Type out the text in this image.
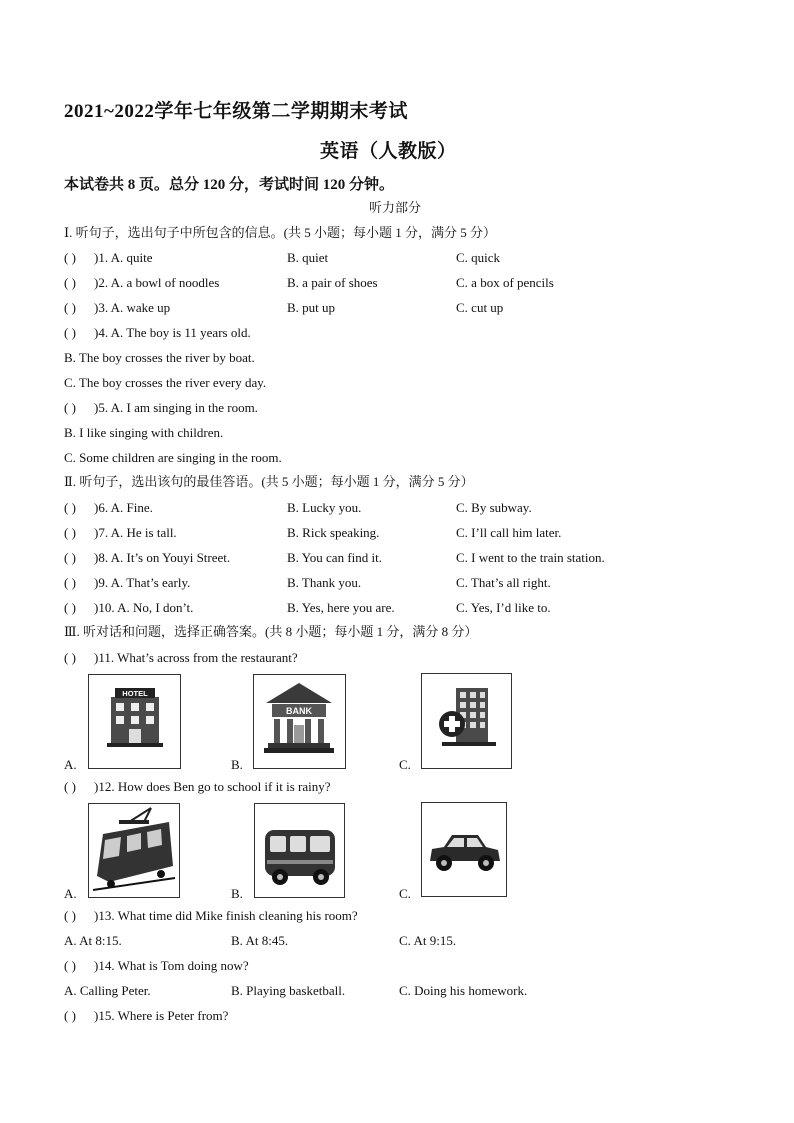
2021~2022学年七年级第二学期期末考试
英语（人教版）
本试卷共 8 页。总分 120 分，考试时间 120 分钟。
听力部分
Ⅰ. 听句子，选出句子中所包含的信息。(共 5 小题；每小题 1 分，满分 5 分）
( ) )1. A. quite	B. quiet	C. quick
( ) )2. A. a bowl of noodles	B. a pair of shoes	C. a box of pencils
( ) )3. A. wake up	B. put up	C. cut up
( ) )4. A. The boy is 11 years old.
B. The boy crosses the river by boat.
C. The boy crosses the river every day.
( ) )5. A. I am singing in the room.
B. I like singing with children.
C. Some children are singing in the room.
Ⅱ. 听句子，选出该句的最佳答语。(共 5 小题；每小题 1 分，满分 5 分）
( ) )6. A. Fine.	B. Lucky you.	C. By subway.
( ) )7. A. He is tall.	B. Rick speaking.	C. I’ll call him later.
( ) )8. A. It’s on Youyi Street.	B. You can find it.	C. I went to the train station.
( ) )9. A. That’s early.	B. Thank you.	C. That’s all right.
( ) )10. A. No, I don’t.	B. Yes, here you are.	C. Yes, I’d like to.
Ⅲ. 听对话和问题，选择正确答案。(共 8 小题；每小题 1 分，满分 8 分）
( ) )11. What’s across from the restaurant?
HOTEL
BANK
A.	B.	C.
( ) )12. How does Ben go to school if it is rainy?
A.	B.	C.
( ) )13. What time did Mike finish cleaning his room?
A. At 8:15.	B. At 8:45.	C. At 9:15.
( ) )14. What is Tom doing now?
A. Calling Peter.	B. Playing basketball.	C. Doing his homework.
( ) )15. Where is Peter from?
